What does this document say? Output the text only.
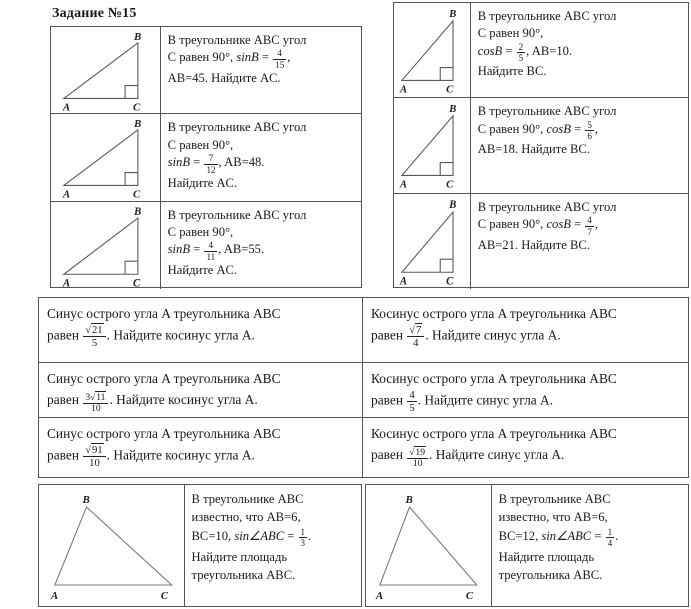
Задание №15
A
B
C
В треугольнике ABC угол
С равен 90°, $\sin B = \frac{4}{15}$ ,
AB=45. Найдите AC.
A
B
C
В треугольнике ABC угол
С равен 90°,
$\sin B = \frac{7}{12}$ , AB=48.
Найдите AC.
A
B
C
В треугольнике ABC угол
С равен 90°,
$\sin B = \frac{4}{11}$ , AB=55.
Найдите AC.
A
B
C
В треугольнике ABC угол
С равен 90°,
$\cos B = \frac{2}{5}$ , AB=10.
Найдите BC.
A
B
C
В треугольнике ABC угол
С равен 90°, $\cos B = \frac{5}{6}$ ,
AB=18. Найдите BC.
A
B
C
В треугольнике ABC угол
С равен 90°, $\cos B = \frac{4}{7}$ ,
AB=21. Найдите BC.
Синус острого угла A треугольника ABC
равен $\frac{√21}{5}$ . Найдите косинус угла A.
Косинус острого угла A треугольника ABC
равен $\frac{√7}{4}$ . Найдите синус угла A.
Синус острого угла A треугольника ABC
равен $\frac{3√11}{10}$ . Найдите косинус угла A.
Косинус острого угла A треугольника ABC
равен $\frac{4}{5}$ . Найдите синус угла A.
Синус острого угла A треугольника ABC
равен $\frac{√91}{10}$ . Найдите косинус угла A.
Косинус острого угла A треугольника ABC
равен $\frac{√19}{10}$ . Найдите синус угла A.
A
B
C
В треугольнике ABC
известно, что AB=6,
BC=10, sin∠ABC = $\frac{1}{3}$ .
Найдите площадь
треугольника ABC.
A
B
C
В треугольнике ABC
известно, что AB=6,
BC=12, sin∠ABC = $\frac{1}{4}$ .
Найдите площадь
треугольника ABC.
